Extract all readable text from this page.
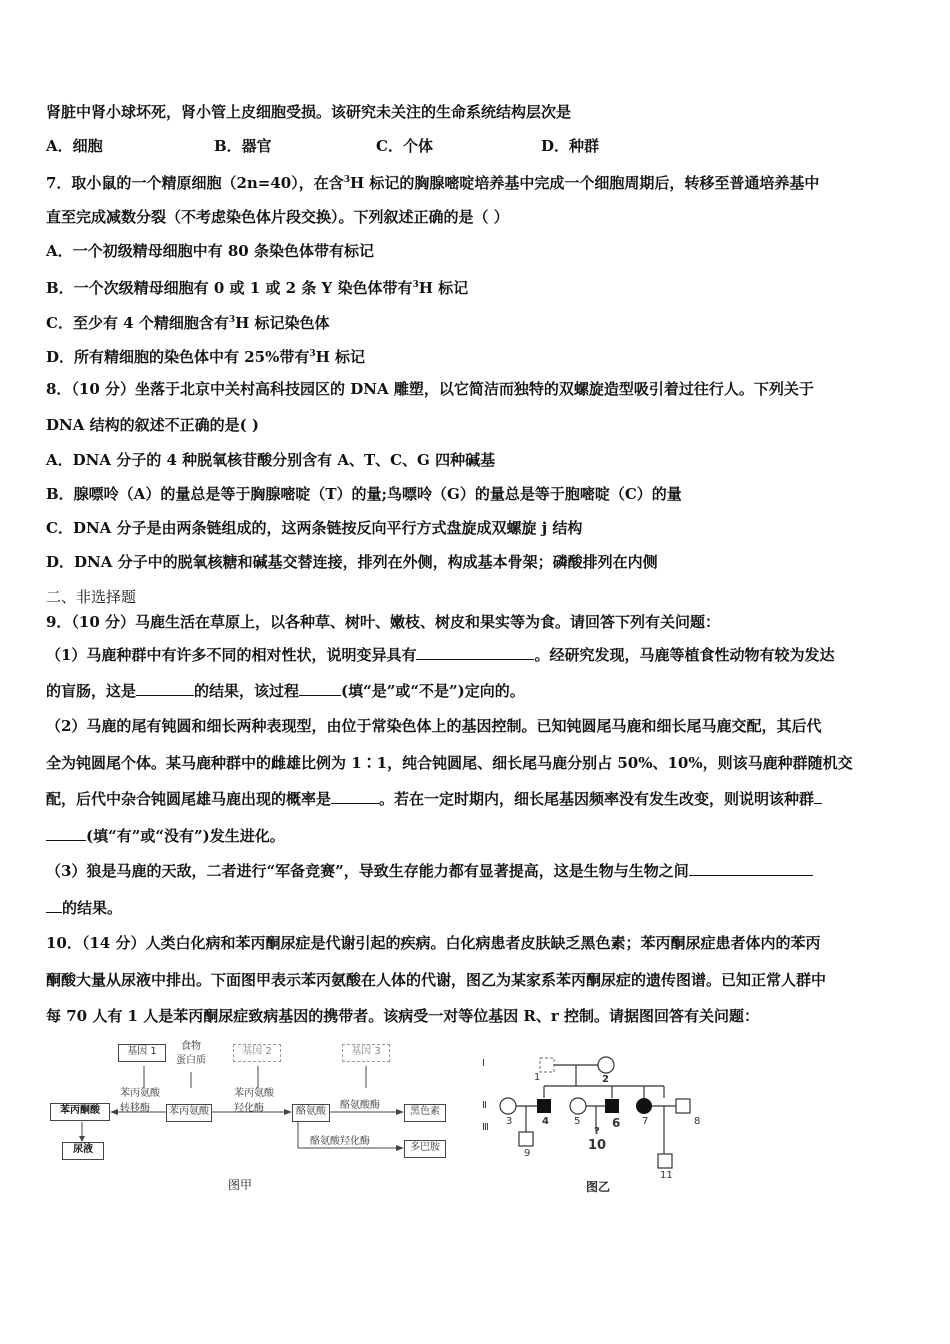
肾脏中肾小球坏死，肾小管上皮细胞受损。该研究未关注的生命系统结构层次是
A．细胞	B．器官	C．个体	D．种群
7．取小鼠的一个精原细胞（2n=40），在含$^3$H 标记的胸腺嘧啶培养基中完成一个细胞周期后，转移至普通培养基中
直至完成减数分裂（不考虑染色体片段交换）。下列叙述正确的是（ ）
A．一个初级精母细胞中有 80 条染色体带有标记
B．一个次级精母细胞有 0 或 1 或 2 条 Y 染色体带有$^3$H 标记
C．至少有 4 个精细胞含有$^3$H 标记染色体
D．所有精细胞的染色体中有 25%带有$^3$H 标记
8．（10 分）坐落于北京中关村高科技园区的 DNA 雕塑，以它简洁而独特的双螺旋造型吸引着过往行人。下列关于
DNA 结构的叙述不正确的是( )
A．DNA 分子的 4 种脱氧核苷酸分别含有 A、T、C、G 四种碱基
B．腺嘌呤（A）的量总是等于胸腺嘧啶（T）的量;鸟嘌呤（G）的量总是等于胞嘧啶（C）的量
C．DNA 分子是由两条链组成的，这两条链按反向平行方式盘旋成双螺旋 j 结构
D．DNA 分子中的脱氧核糖和碱基交替连接，排列在外侧，构成基本骨架；磷酸排列在内侧
二、非选择题
9．（10 分）马鹿生活在草原上，以各种草、树叶、嫩枝、树皮和果实等为食。请回答下列有关问题：
（1）马鹿种群中有许多不同的相对性状，说明变异具有	。经研究发现，马鹿等植食性动物有较为发达
的盲肠，这是	的结果，该过程	(填“是”或“不是”)定向的。
（2）马鹿的尾有钝圆和细长两种表现型，由位于常染色体上的基因控制。已知钝圆尾马鹿和细长尾马鹿交配，其后代
全为钝圆尾个体。某马鹿种群中的雌雄比例为 1∶1，纯合钝圆尾、细长尾马鹿分别占 50%、10%，则该马鹿种群随机交
配，后代中杂合钝圆尾雄马鹿出现的概率是	。若在一定时期内，细长尾基因频率没有发生改变，则说明该种群
(填“有”或“没有”)发生进化。
（3）狼是马鹿的天敌，二者进行“军备竞赛”，导致生存能力都有显著提高，这是生物与生物之间
的结果。
10．（14 分）人类白化病和苯丙酮尿症是代谢引起的疾病。白化病患者皮肤缺乏黑色素；苯丙酮尿症患者体内的苯丙
酮酸大量从尿液中排出。下面图甲表示苯丙氨酸在人体的代谢，图乙为某家系苯丙酮尿症的遗传图谱。已知正常人群中
每 70 人有 1 人是苯丙酮尿症致病基因的携带者。该病受一对等位基因 R、r 控制。请据图回答有关问题：
基因 1	食物
蛋白质
基因 2	基因 3
苯丙氨酸
转移酶
苯丙氨酸
羟化酶	酪氨酸酶
酪氨酸羟化酶
苯丙酮酸	苯丙氨酸	酪氨酸	黑色素
多巴胺
尿液
图甲
Ⅰ
Ⅱ
Ⅲ
1	2
3	4	5	6 7	8
9
?
10
11
图乙
